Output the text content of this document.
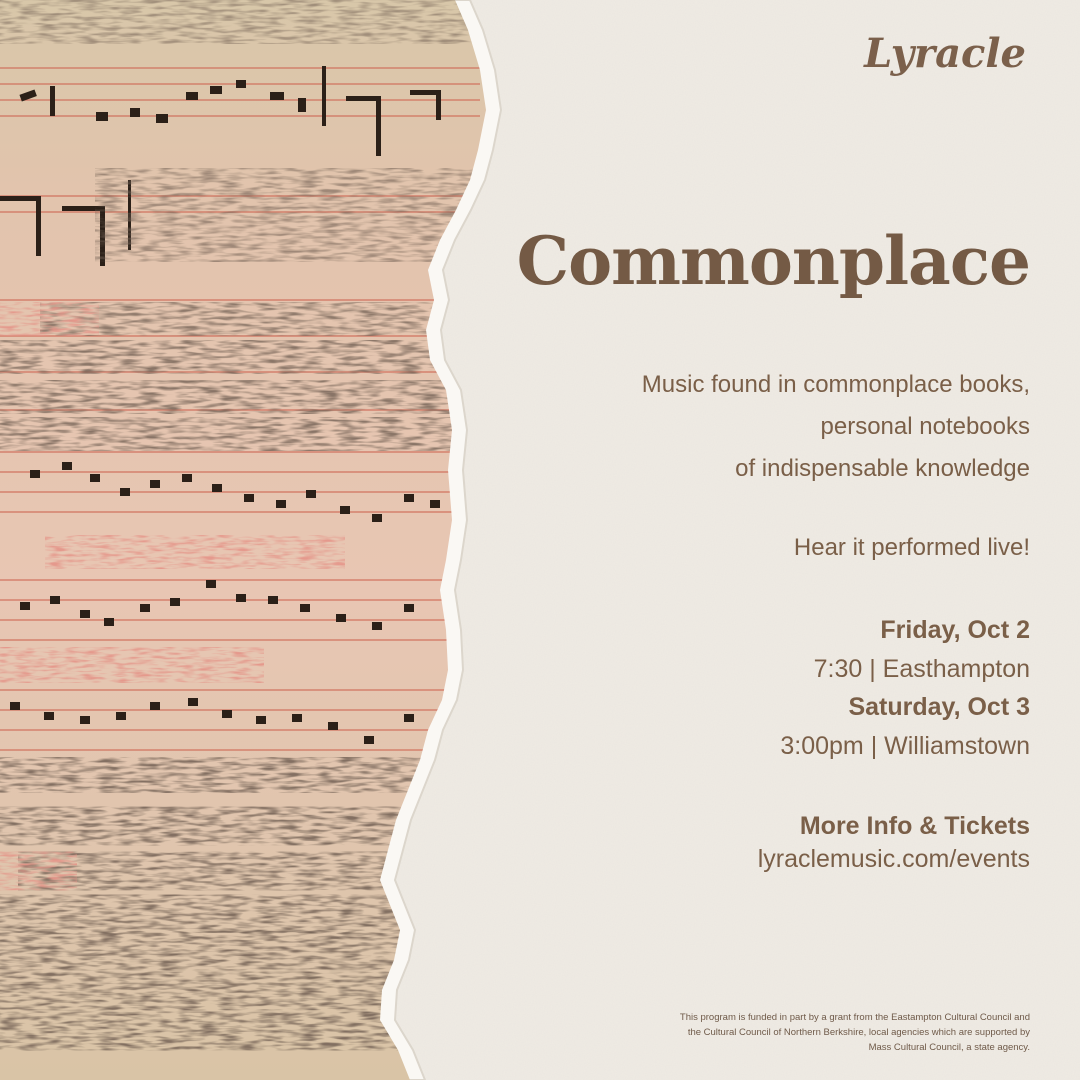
Lyracle
Commonplace
Music found in commonplace books,
personal notebooks
of indispensable knowledge
Hear it performed live!
Friday, Oct 2
7:30 | Easthampton
Saturday, Oct 3
3:00pm | Williamstown
More Info & Tickets
lyraclemusic.com/events
This program is funded in part by a grant from the Eastampton Cultural Council and
the Cultural Council of Northern Berkshire, local agencies which are supported by
Mass Cultural Council, a state agency.
